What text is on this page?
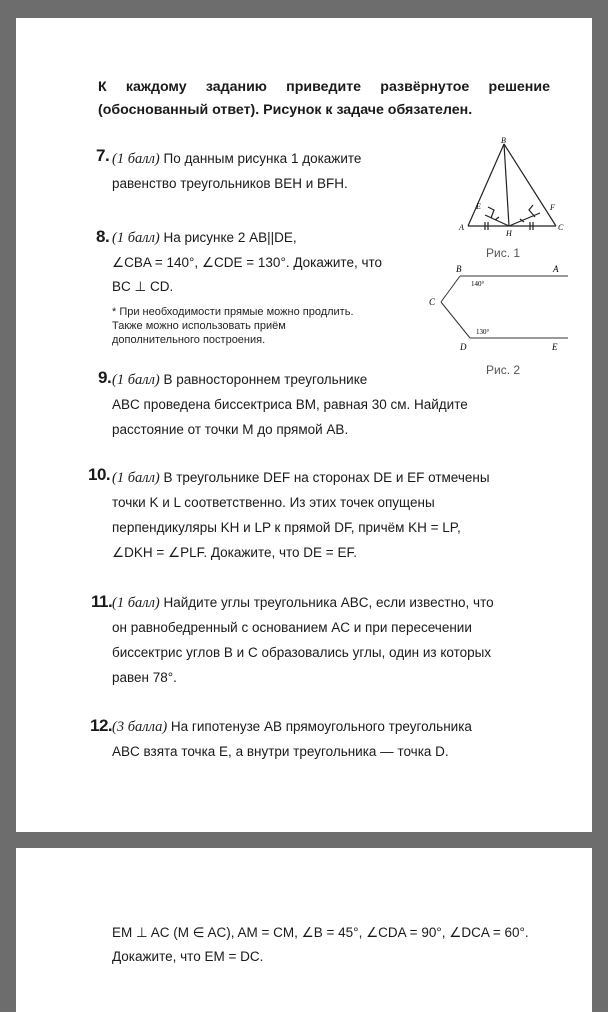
К каждому заданию приведите развёрнутое решение
(обоснованный ответ). Рисунок к задаче обязателен.
7. (1 балл) По данным рисунка 1 докажите
равенство треугольников BEH и BFH.
B
A	C
E	F
H
Рис. 1
8. (1 балл) На рисунке 2 AB||DE,
∠CBA = 140°, ∠CDE = 130°. Докажите, что
BC ⊥ CD.
* При необходимости прямые можно продлить.
Также можно использовать приём
дополнительного построения.
140°
130°
B	A
C
D	E
Рис. 2
9. (1 балл) В равностороннем треугольнике
ABC проведена биссектриса BM, равная 30 см. Найдите
расстояние от точки M до прямой AB.
10. (1 балл) В треугольнике DEF на сторонах DE и EF отмечены
точки K и L соответственно. Из этих точек опущены
перпендикуляры KH и LP к прямой DF, причём KH = LP,
∠DKH = ∠PLF. Докажите, что DE = EF.
11. (1 балл) Найдите углы треугольника ABC, если известно, что
он равнобедренный с основанием AC и при пересечении
биссектрис углов B и C образовались углы, один из которых
равен 78°.
12. (3 балла) На гипотенузе AB прямоугольного треугольника
ABC взята точка E, а внутри треугольника — точка D.
EM ⊥ AC (M ∈ AC), AM = CM, ∠B = 45°, ∠CDA = 90°, ∠DCA = 60°.
Докажите, что EM = DC.
